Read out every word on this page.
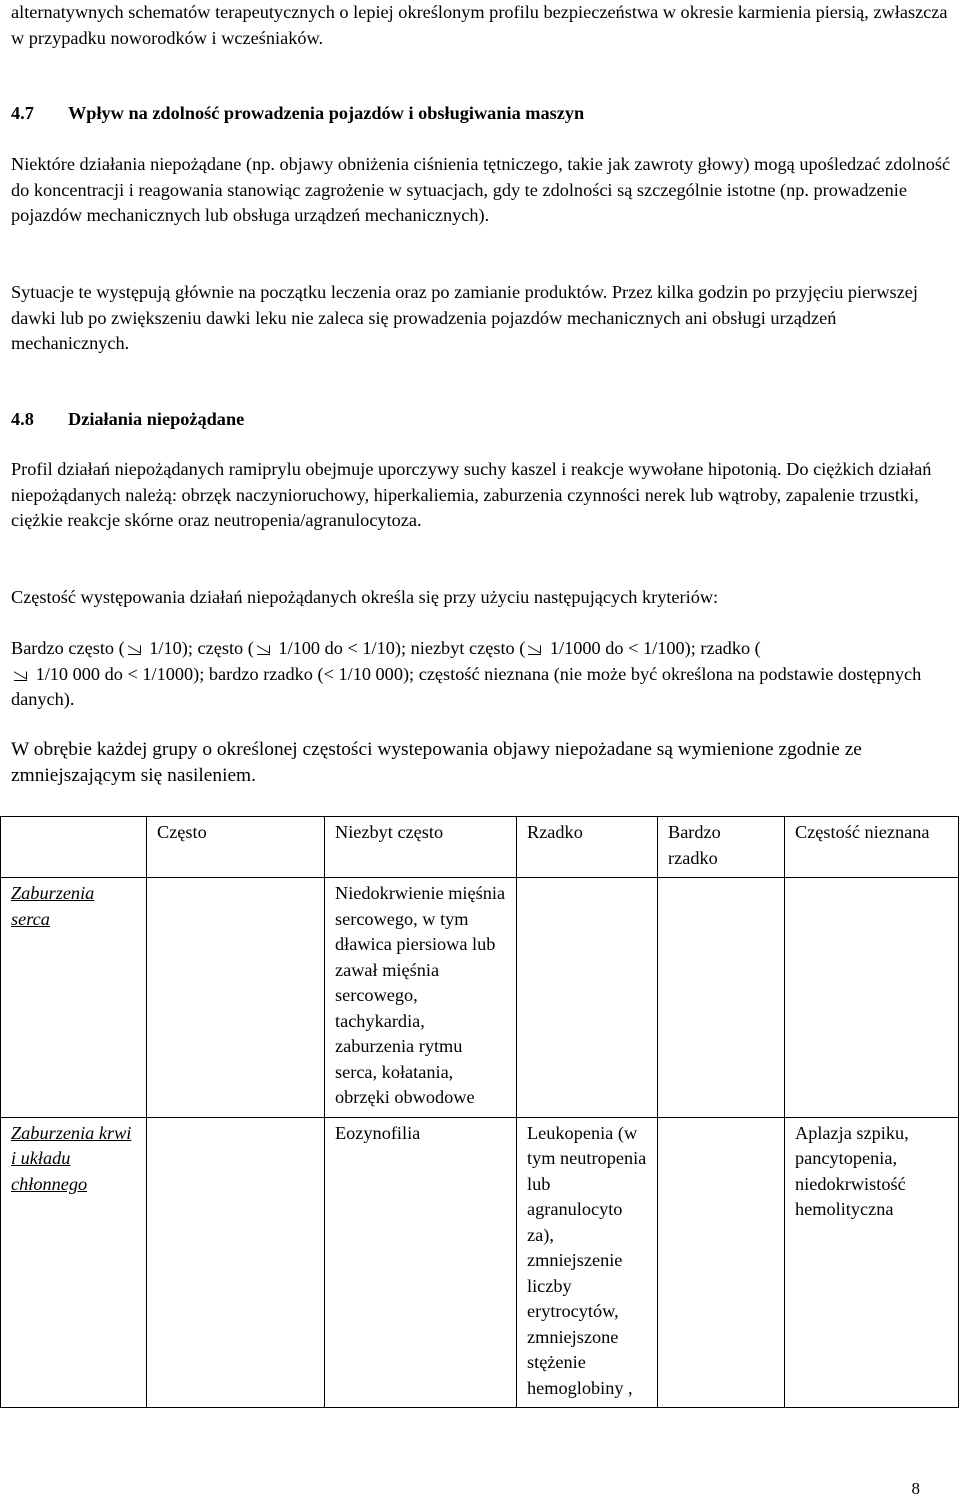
alternatywnych schematów terapeutycznych o lepiej określonym profilu bezpieczeństwa w okresie karmienia piersią, zwłaszcza w przypadku noworodków i wcześniaków.

4.7 Wpływ na zdolność prowadzenia pojazdów i obsługiwania maszyn

Niektóre działania niepożądane (np. objawy obniżenia ciśnienia tętniczego, takie jak zawroty głowy) mogą upośledzać zdolność do koncentracji i reagowania stanowiąc zagrożenie w sytuacjach, gdy te zdolności są szczególnie istotne (np. prowadzenie pojazdów mechanicznych lub obsługa urządzeń mechanicznych).

Sytuacje te występują głównie na początku leczenia oraz po zamianie produktów. Przez kilka godzin po przyjęciu pierwszej dawki lub po zwiększeniu dawki leku nie zaleca się prowadzenia pojazdów mechanicznych ani obsługi urządzeń mechanicznych.

4.8 Działania niepożądane

Profil działań niepożądanych ramiprylu obejmuje uporczywy suchy kaszel i reakcje wywołane hipotonią. Do ciężkich działań niepożądanych należą: obrzęk naczynioruchowy, hiperkaliemia, zaburzenia czynności nerek lub wątroby, zapalenie trzustki, ciężkie reakcje skórne oraz neutropenia/agranulocytoza.

Częstość występowania działań niepożądanych określa się przy użyciu następujących kryteriów:

Bardzo często ( 1/10); często ( 1/100 do < 1/10); niezbyt często ( 1/1000 do < 1/100); rzadko (
1/10 000 do < 1/1000); bardzo rzadko (< 1/10 000); częstość nieznana (nie może być określona na podstawie dostępnych danych).

W obrębie każdej grupy o określonej częstości wystepowania objawy niepożadane są wymienione zgodnie ze zmniejszającym się nasileniem.

	Często	Niezbyt często	Rzadko	Bardzo rzadko	Częstość nieznana
Zaburzenia serca		Niedokrwienie mięśnia sercowego, w tym dławica piersiowa lub zawał mięśnia sercowego, tachykardia, zaburzenia rytmu serca, kołatania, obrzęki obwodowe			
Zaburzenia krwi i układu chłonnego		Eozynofilia	Leukopenia (w tym neutropenia lub agranulocyto za), zmniejszenie liczby erytrocytów, zmniejszone stężenie hemoglobiny ,		Aplazja szpiku, pancytopenia, niedokrwistość hemolityczna
8
